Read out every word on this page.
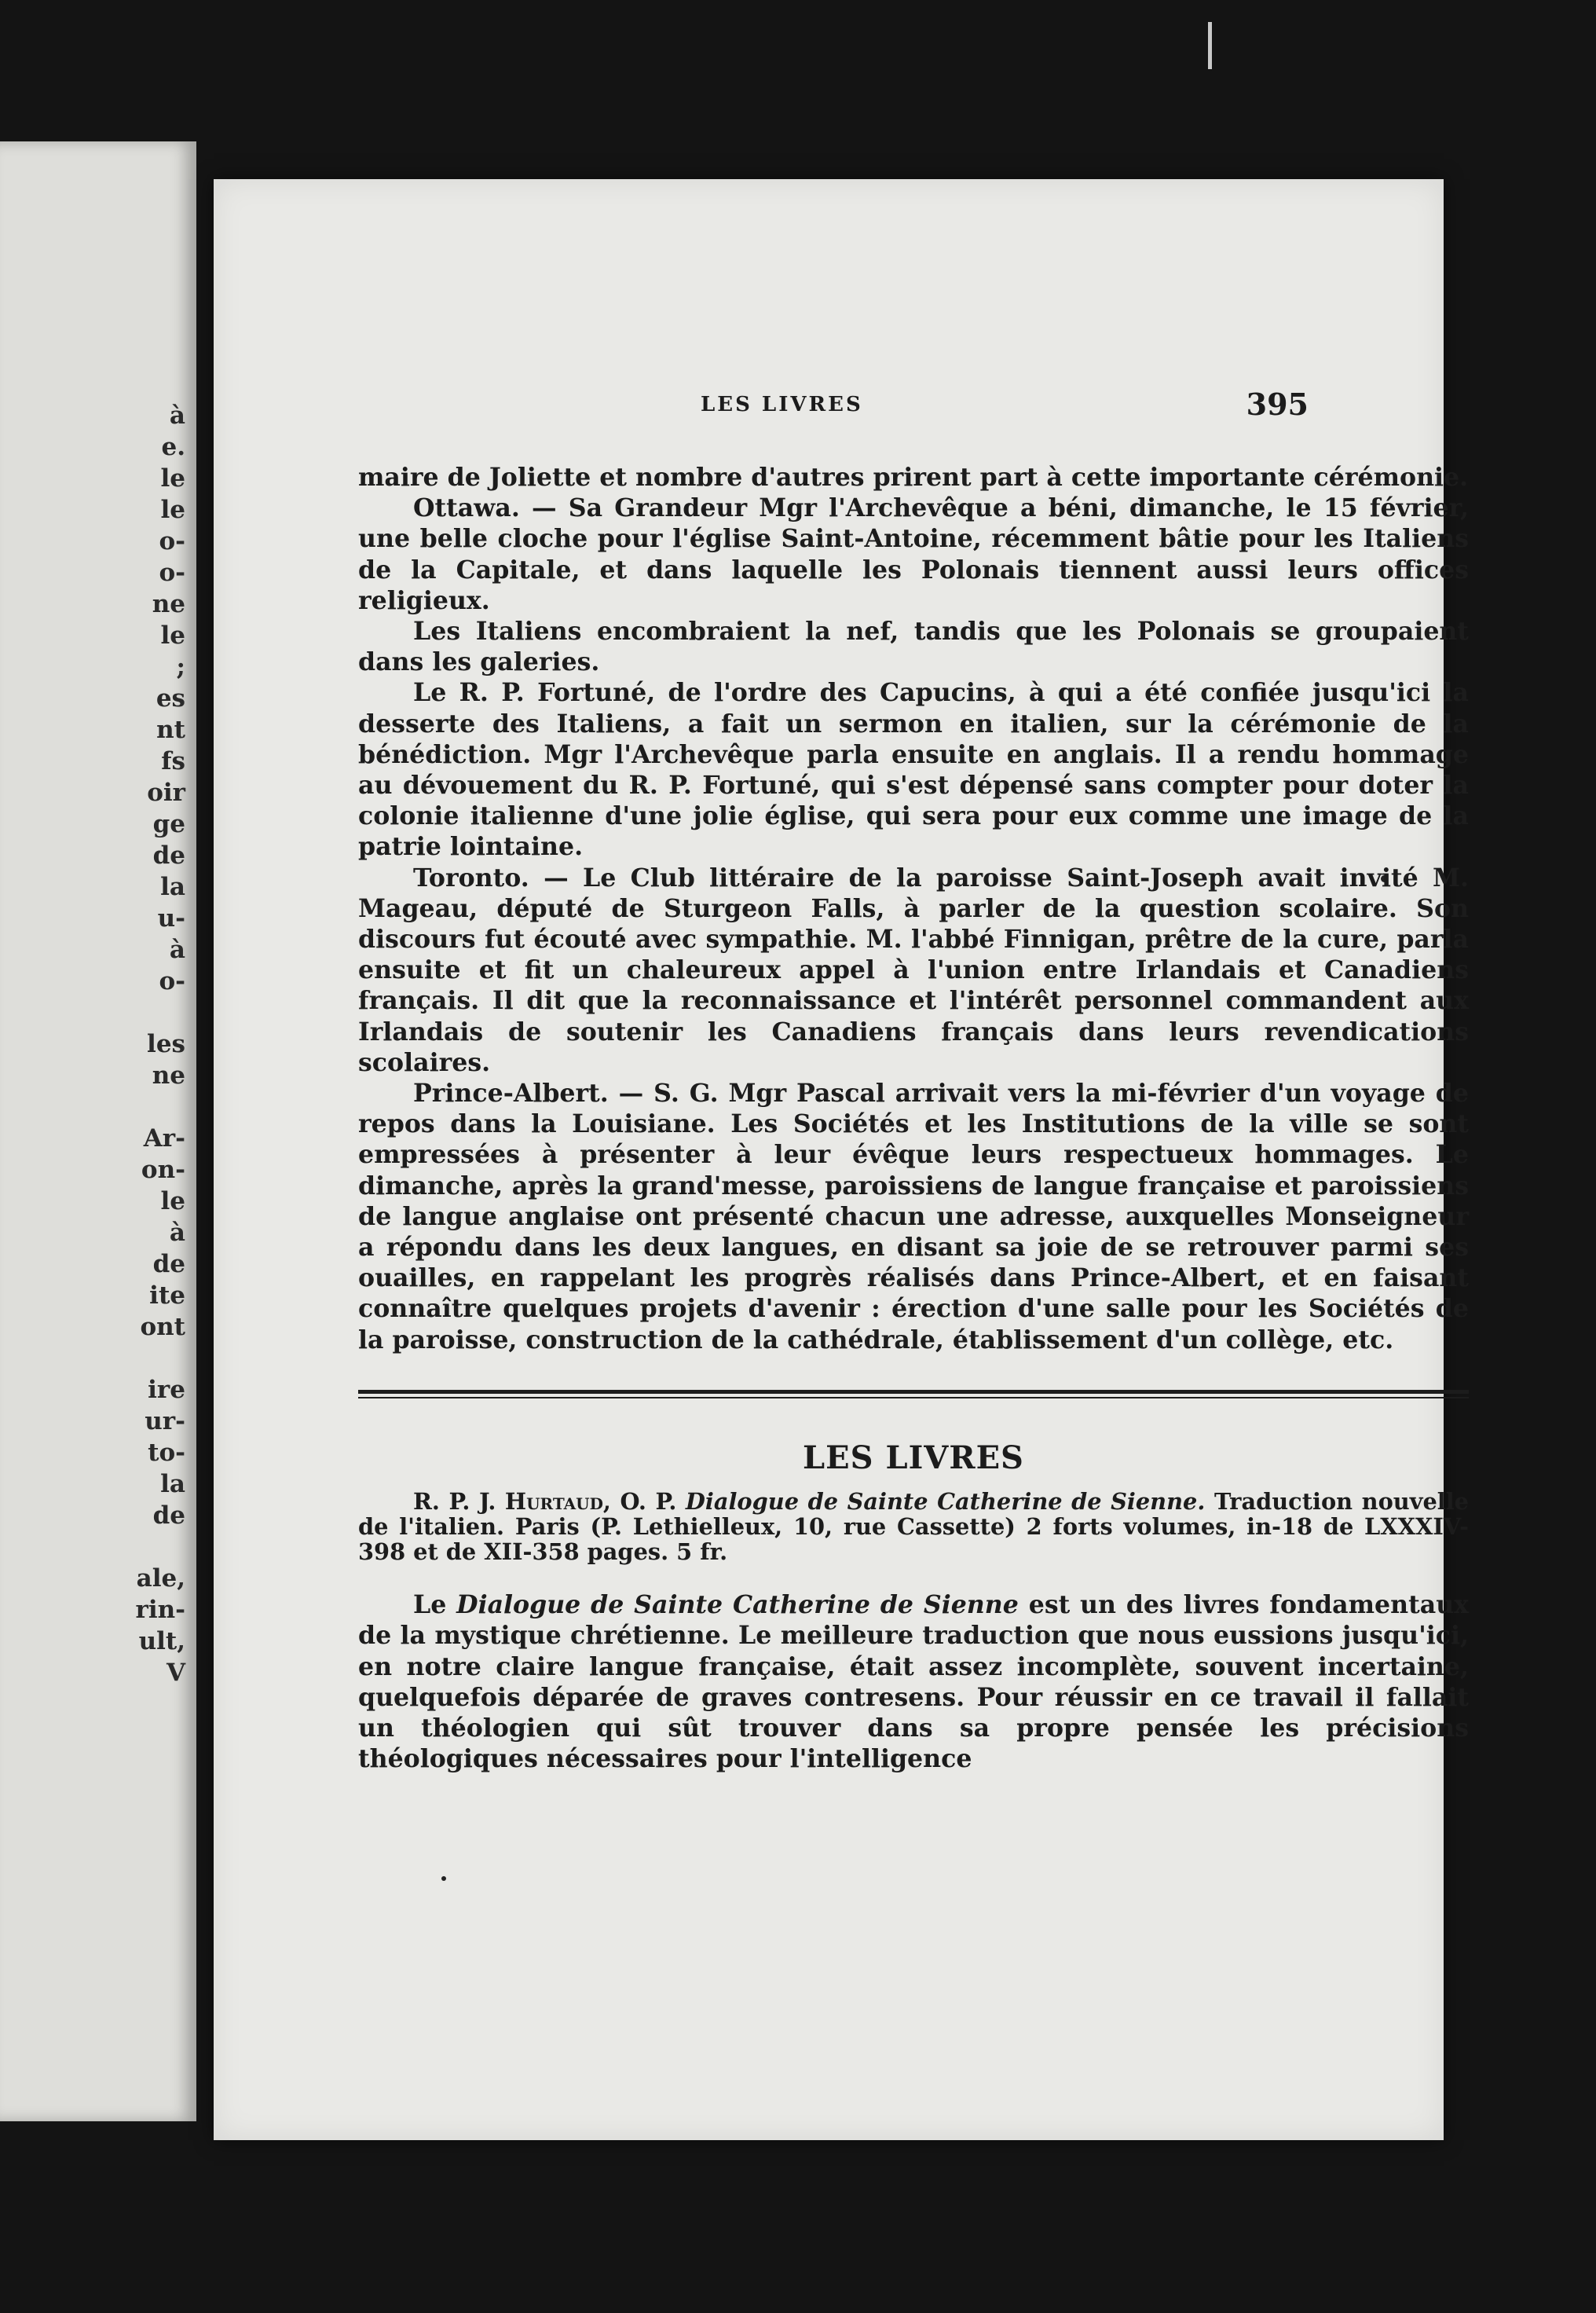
à
e.
le
le
o-
o-
ne
le
;
es
nt
fs
oir
ge
de
la
u-
à
o-
les
ne
Ar-
on-
le
à
de
ite
ont
ire
ur-
to-
la
de
ale,
rin-
ult,
V
LES LIVRES	395

maire de Joliette et nombre d'autres prirent part à cette importante cérémonie.

Ottawa. — Sa Grandeur Mgr l'Archevêque a béni, dimanche, le 15 février, une belle cloche pour l'église Saint-Antoine, récemment bâtie pour les Italiens de la Capitale, et dans laquelle les Polonais tiennent aussi leurs offices religieux.

Les Italiens encombraient la nef, tandis que les Polonais se groupaient dans les galeries.

Le R. P. Fortuné, de l'ordre des Capucins, à qui a été confiée jusqu'ici la desserte des Italiens, a fait un sermon en italien, sur la cérémonie de la bénédiction. Mgr l'Archevêque parla ensuite en anglais. Il a rendu hommage au dévouement du R. P. Fortuné, qui s'est dépensé sans compter pour doter la colonie italienne d'une jolie église, qui sera pour eux comme une image de la patrie lointaine.

Toronto. — Le Club littéraire de la paroisse Saint-Joseph avait invité M. Mageau, député de Sturgeon Falls, à parler de la question scolaire. Son discours fut écouté avec sympathie. M. l'abbé Finnigan, prêtre de la cure, parla ensuite et fit un chaleureux appel à l'union entre Irlandais et Canadiens français. Il dit que la reconnaissance et l'intérêt personnel commandent aux Irlandais de soutenir les Canadiens français dans leurs revendications scolaires.

Prince-Albert. — S. G. Mgr Pascal arrivait vers la mi-février d'un voyage de repos dans la Louisiane. Les Sociétés et les Institutions de la ville se sont empressées à présenter à leur évêque leurs respectueux hommages. Le dimanche, après la grand'messe, paroissiens de langue française et paroissiens de langue anglaise ont présenté chacun une adresse, auxquelles Monseigneur a répondu dans les deux langues, en disant sa joie de se retrouver parmi ses ouailles, en rappelant les progrès réalisés dans Prince-Albert, et en faisant connaître quelques projets d'avenir : érection d'une salle pour les Sociétés de la paroisse, construction de la cathédrale, établissement d'un collège, etc.

LES LIVRES
R. P. J. Hurtaud, O. P. Dialogue de Sainte Catherine de Sienne. Traduction nouvelle de l'italien. Paris (P. Lethielleux, 10, rue Cassette) 2 forts volumes, in-18 de LXXXIV-398 et de XII-358 pages. 5 fr.

Le Dialogue de Sainte Catherine de Sienne est un des livres fondamentaux de la mystique chrétienne. Le meilleure traduction que nous eussions jusqu'ici, en notre claire langue française, était assez incomplète, souvent incertaine, quelquefois déparée de graves contresens. Pour réussir en ce travail il fallait un théologien qui sût trouver dans sa propre pensée les précisions théologiques nécessaires pour l'intelligence
